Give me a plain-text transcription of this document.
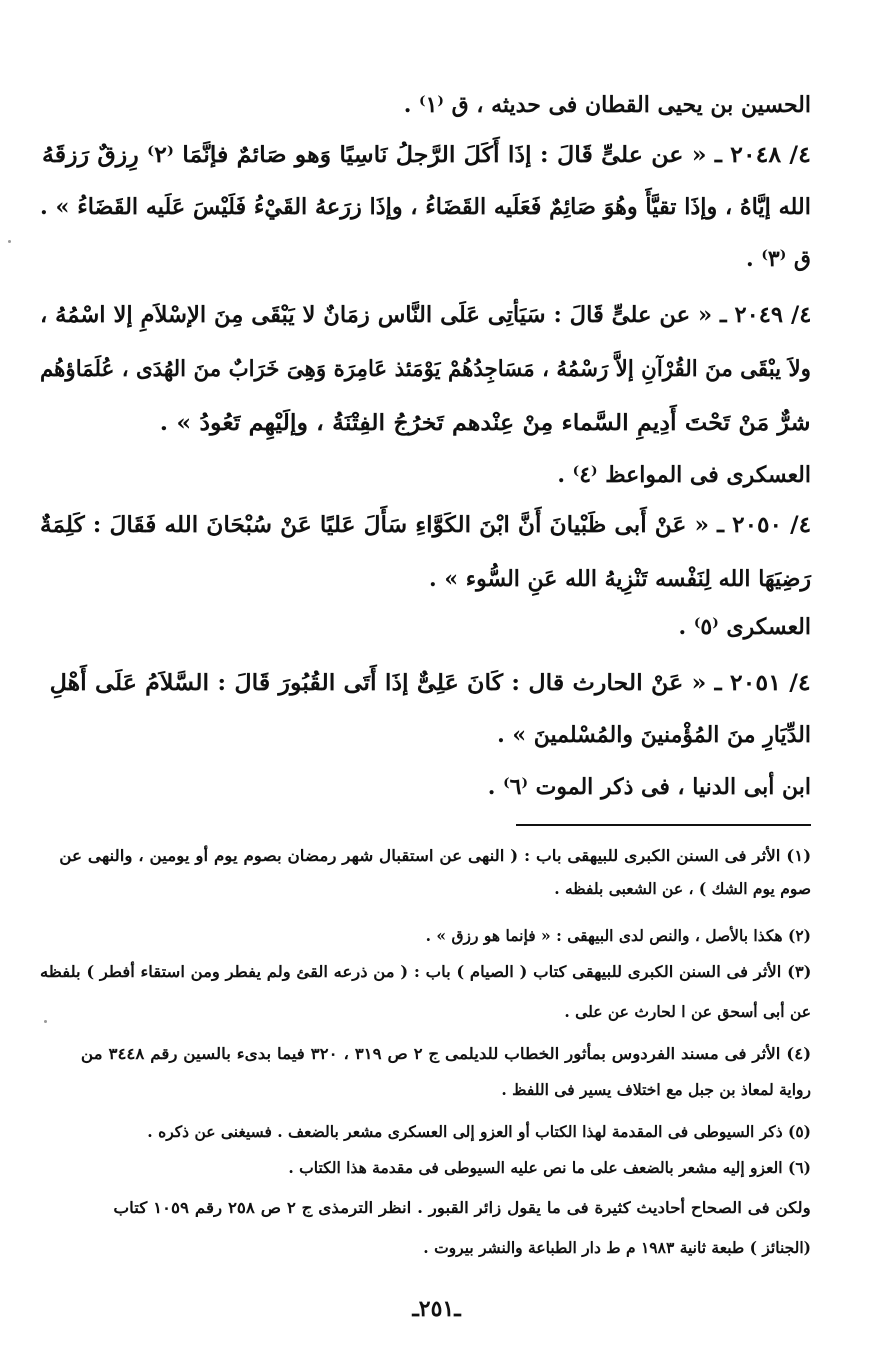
الحسين بن يحيى القطان فى حديثه ، ق ⁽١⁾ .
٤/ ٢٠٤٨ ـ « عن علىٍّ قَالَ : إذَا أَكَلَ الرَّجلُ نَاسِيًا وَهو صَائمٌ فإنَّمَا ⁽٢⁾ رِزقٌ رَزقَهُ
الله إيَّاهُ ، وإذَا تقيَّأَ وهُوَ صَائِمٌ فَعَلَيه القَضَاءُ ، وإذَا زرَعهُ القَيْءُ فَلَيْسَ عَلَيه القَضَاءُ » .
ق ⁽٣⁾ .
٤/ ٢٠٤٩ ـ « عن علىٍّ قَالَ : سَيَأتِى عَلَى النَّاس زمَانٌ لا يَبْقَى مِنَ الإسْلاَمِ إلا اسْمُهُ ،
ولاَ يبْقَى منَ القُرْآنِ إلاَّ رَسْمُهُ ، مَسَاجِدُهُمْ يَوْمَئذ عَامِرَة وَهِىَ خَرَابٌ منَ الهُدَى ، عُلَمَاؤهُم
شرٌّ مَنْ تَحْتَ أَدِيمِ السَّماء مِنْ عِنْدهم تَخرُجُ الفِتْنَةُ ، وإلَيْهِم تَعُودُ » .
العسكرى فى المواعظ ⁽٤⁾ .
٤/ ٢٠٥٠ ـ « عَنْ أَبى ظَبْيانَ أَنَّ ابْنَ الكَوَّاءِ سَأَلَ عَليًا عَنْ سُبْحَانَ الله فَقَالَ : كَلِمَةٌ
رَضِيَهَا الله لِنَفْسه تَنْزِيهُ الله عَنِ السُّوء » .
العسكرى ⁽٥⁾ .
٤/ ٢٠٥١ ـ « عَنْ الحارث قال : كَانَ عَلِىٌّ إذَا أَتَى القُبُورَ قَالَ : السَّلاَمُ عَلَى أَهْلِ
الدِّيَارِ منَ المُؤْمنينَ والمُسْلمينَ » .
ابن أبى الدنيا ، فى ذكر الموت ⁽٦⁾ .
(١) الأثر فى السنن الكبرى للبيهقى باب : ( النهى عن استقبال شهر رمضان بصوم يوم أو يومين ، والنهى عن
صوم يوم الشك ) ، عن الشعبى بلفظه .
(٢) هكذا بالأصل ، والنص لدى البيهقى : « فإنما هو رزق » .
(٣) الأثر فى السنن الكبرى للبيهقى كتاب ( الصيام ) باب : ( من ذرعه القئ ولم يفطر ومن استقاء أفطر ) بلفظه
عن أبى أسحق عن ا لحارث عن على .
(٤) الأثر فى مسند الفردوس بمأثور الخطاب للديلمى ج ٢ ص ٣١٩ ، ٣٢٠ فيما بدىء بالسين رقم ٣٤٤٨ من
رواية لمعاذ بن جبل مع اختلاف يسير فى اللفظ .
(٥) ذكر السيوطى فى المقدمة لهذا الكتاب أو العزو إلى العسكرى مشعر بالضعف . فسيغنى عن ذكره .
(٦) العزو إليه مشعر بالضعف على ما نص عليه السيوطى فى مقدمة هذا الكتاب .
ولكن فى الصحاح أحاديث كثيرة فى ما يقول زائر القبور . انظر الترمذى ج ٢ ص ٢٥٨ رقم ١٠٥٩ كتاب
(الجنائز ) طبعة ثانية ١٩٨٣ م ط دار الطباعة والنشر بيروت .
ـ٢٥١ـ
